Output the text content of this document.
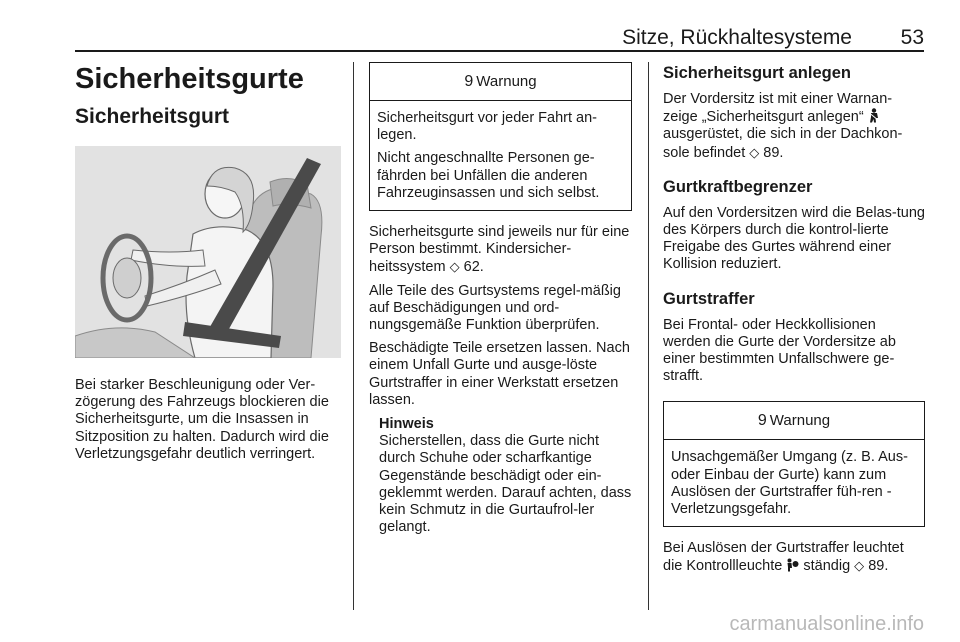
Sitze, Rückhaltesysteme 53
Sicherheitsgurte
Sicherheitsgurt

Bei starker Beschleunigung oder Ver-zögerung des Fahrzeugs blockieren die Sicherheitsgurte, um die Insassen in Sitzposition zu halten. Dadurch wird die Verletzungsgefahr deutlich verringert.

9 Warnung

Sicherheitsgurt vor jeder Fahrt an-legen.

Nicht angeschnallte Personen ge-fährden bei Unfällen die anderen Fahrzeuginsassen und sich selbst.

Sicherheitsgurte sind jeweils nur für eine Person bestimmt. Kindersicher-heitssystem ◇ 62.

Alle Teile des Gurtsystems regel-mäßig auf Beschädigungen und ord-nungsgemäße Funktion überprüfen.

Beschädigte Teile ersetzen lassen. Nach einem Unfall Gurte und ausge-löste Gurtstraffer in einer Werkstatt ersetzen lassen.

Hinweis

Sicherstellen, dass die Gurte nicht durch Schuhe oder scharfkantige Gegenstände beschädigt oder ein-geklemmt werden. Darauf achten, dass kein Schmutz in die Gurtaufrol-ler gelangt.

Sicherheitsgurt anlegen

Der Vordersitz ist mit einer Warnan-zeige „Sicherheitsgurt anlegen“  ausgerüstet, die sich in der Dachkon-sole befindet ◇ 89.

Gurtkraftbegrenzer

Auf den Vordersitzen wird die Belas-tung des Körpers durch die kontrol-lierte Freigabe des Gurtes während einer Kollision reduziert.

Gurtstraffer

Bei Frontal- oder Heckkollisionen werden die Gurte der Vordersitze ab einer bestimmten Unfallschwere ge-strafft.

9 Warnung

Unsachgemäßer Umgang (z. B. Aus- oder Einbau der Gurte) kann zum Auslösen der Gurtstraffer füh-ren - Verletzungsgefahr.

Bei Auslösen der Gurtstraffer leuchtet die Kontrollleuchte ständig ◇ 89.

carmanualsonline.info
